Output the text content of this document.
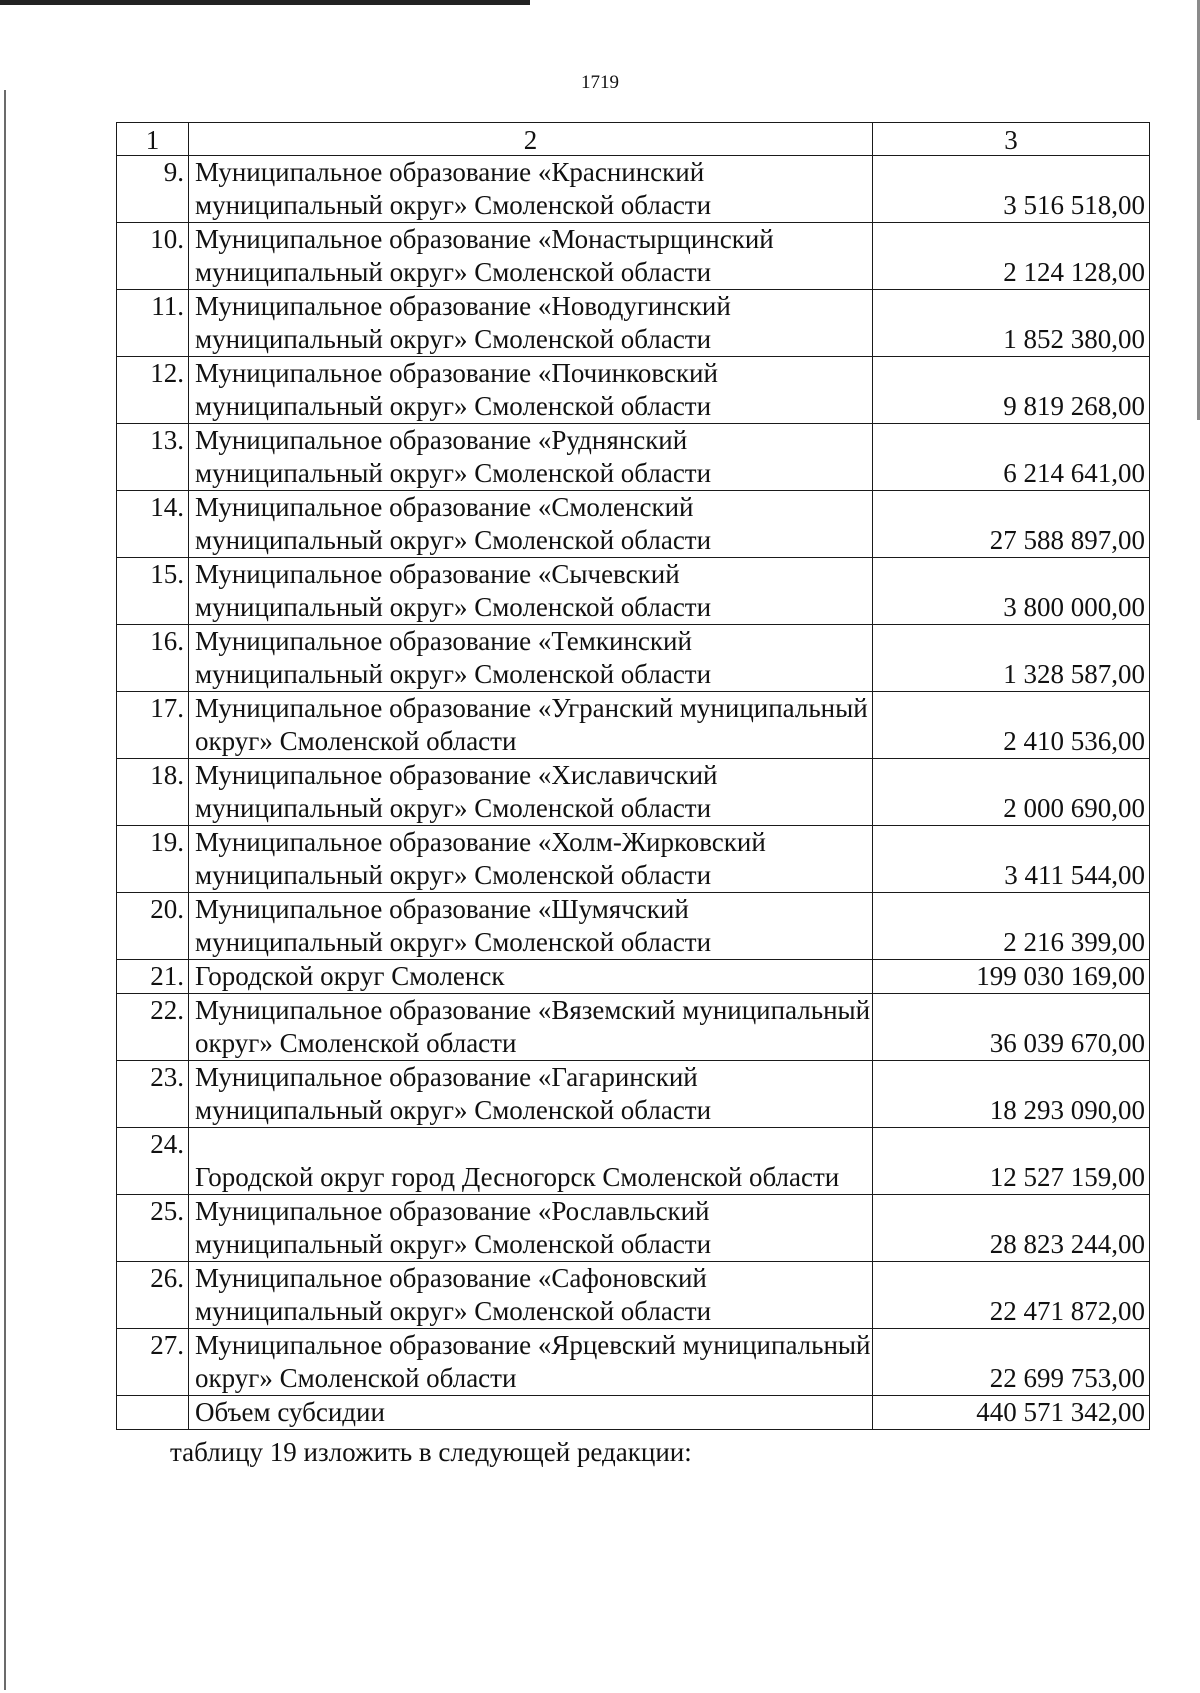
1719
1	2	3
9.	Муниципальное образование «Краснинский муниципальный округ» Смоленской области	3 516 518,00
10.	Муниципальное образование «Монастырщинский муниципальный округ» Смоленской области	2 124 128,00
11.	Муниципальное образование «Новодугинский муниципальный округ» Смоленской области	1 852 380,00
12.	Муниципальное образование «Починковский муниципальный округ» Смоленской области	9 819 268,00
13.	Муниципальное образование «Руднянский муниципальный округ» Смоленской области	6 214 641,00
14.	Муниципальное образование «Смоленский муниципальный округ» Смоленской области	27 588 897,00
15.	Муниципальное образование «Сычевский муниципальный округ» Смоленской области	3 800 000,00
16.	Муниципальное образование «Темкинский муниципальный округ» Смоленской области	1 328 587,00
17.	Муниципальное образование «Угранский муниципальный округ» Смоленской области	2 410 536,00
18.	Муниципальное образование «Хиславичский муниципальный округ» Смоленской области	2 000 690,00
19.	Муниципальное образование «Холм-Жирковский муниципальный округ» Смоленской области	3 411 544,00
20.	Муниципальное образование «Шумячский муниципальный округ» Смоленской области	2 216 399,00
21.	Городской округ Смоленск	199 030 169,00
22.	Муниципальное образование «Вяземский муниципальный округ» Смоленской области	36 039 670,00
23.	Муниципальное образование «Гагаринский муниципальный округ» Смоленской области	18 293 090,00
24.	Городской округ город Десногорск Смоленской области	12 527 159,00
25.	Муниципальное образование «Рославльский муниципальный округ» Смоленской области	28 823 244,00
26.	Муниципальное образование «Сафоновский муниципальный округ» Смоленской области	22 471 872,00
27.	Муниципальное образование «Ярцевский муниципальный округ» Смоленской области	22 699 753,00
	Объем субсидии	440 571 342,00
таблицу 19 изложить в следующей редакции:
